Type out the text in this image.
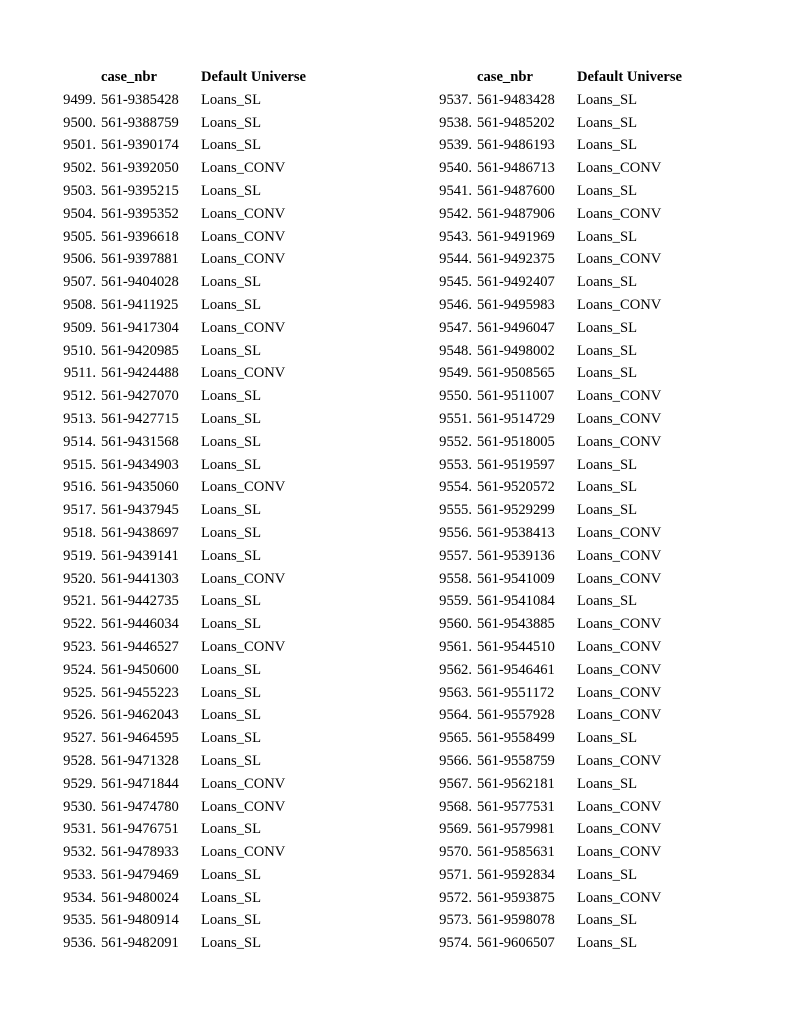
case_nbr	Default Universe
9499. 561-9385428 Loans_SL
9500. 561-9388759 Loans_SL
9501. 561-9390174 Loans_SL
9502. 561-9392050 Loans_CONV
9503. 561-9395215 Loans_SL
9504. 561-9395352 Loans_CONV
9505. 561-9396618 Loans_CONV
9506. 561-9397881 Loans_CONV
9507. 561-9404028 Loans_SL
9508. 561-9411925 Loans_SL
9509. 561-9417304 Loans_CONV
9510. 561-9420985 Loans_SL
9511. 561-9424488 Loans_CONV
9512. 561-9427070 Loans_SL
9513. 561-9427715 Loans_SL
9514. 561-9431568 Loans_SL
9515. 561-9434903 Loans_SL
9516. 561-9435060 Loans_CONV
9517. 561-9437945 Loans_SL
9518. 561-9438697 Loans_SL
9519. 561-9439141 Loans_SL
9520. 561-9441303 Loans_CONV
9521. 561-9442735 Loans_SL
9522. 561-9446034 Loans_SL
9523. 561-9446527 Loans_CONV
9524. 561-9450600 Loans_SL
9525. 561-9455223 Loans_SL
9526. 561-9462043 Loans_SL
9527. 561-9464595 Loans_SL
9528. 561-9471328 Loans_SL
9529. 561-9471844 Loans_CONV
9530. 561-9474780 Loans_CONV
9531. 561-9476751 Loans_SL
9532. 561-9478933 Loans_CONV
9533. 561-9479469 Loans_SL
9534. 561-9480024 Loans_SL
9535. 561-9480914 Loans_SL
9536. 561-9482091 Loans_SL
case_nbr	Default Universe
9537. 561-9483428 Loans_SL
9538. 561-9485202 Loans_SL
9539. 561-9486193 Loans_SL
9540. 561-9486713 Loans_CONV
9541. 561-9487600 Loans_SL
9542. 561-9487906 Loans_CONV
9543. 561-9491969 Loans_SL
9544. 561-9492375 Loans_CONV
9545. 561-9492407 Loans_SL
9546. 561-9495983 Loans_CONV
9547. 561-9496047 Loans_SL
9548. 561-9498002 Loans_SL
9549. 561-9508565 Loans_SL
9550. 561-9511007 Loans_CONV
9551. 561-9514729 Loans_CONV
9552. 561-9518005 Loans_CONV
9553. 561-9519597 Loans_SL
9554. 561-9520572 Loans_SL
9555. 561-9529299 Loans_SL
9556. 561-9538413 Loans_CONV
9557. 561-9539136 Loans_CONV
9558. 561-9541009 Loans_CONV
9559. 561-9541084 Loans_SL
9560. 561-9543885 Loans_CONV
9561. 561-9544510 Loans_CONV
9562. 561-9546461 Loans_CONV
9563. 561-9551172 Loans_CONV
9564. 561-9557928 Loans_CONV
9565. 561-9558499 Loans_SL
9566. 561-9558759 Loans_CONV
9567. 561-9562181 Loans_SL
9568. 561-9577531 Loans_CONV
9569. 561-9579981 Loans_CONV
9570. 561-9585631 Loans_CONV
9571. 561-9592834 Loans_SL
9572. 561-9593875 Loans_CONV
9573. 561-9598078 Loans_SL
9574. 561-9606507 Loans_SL
